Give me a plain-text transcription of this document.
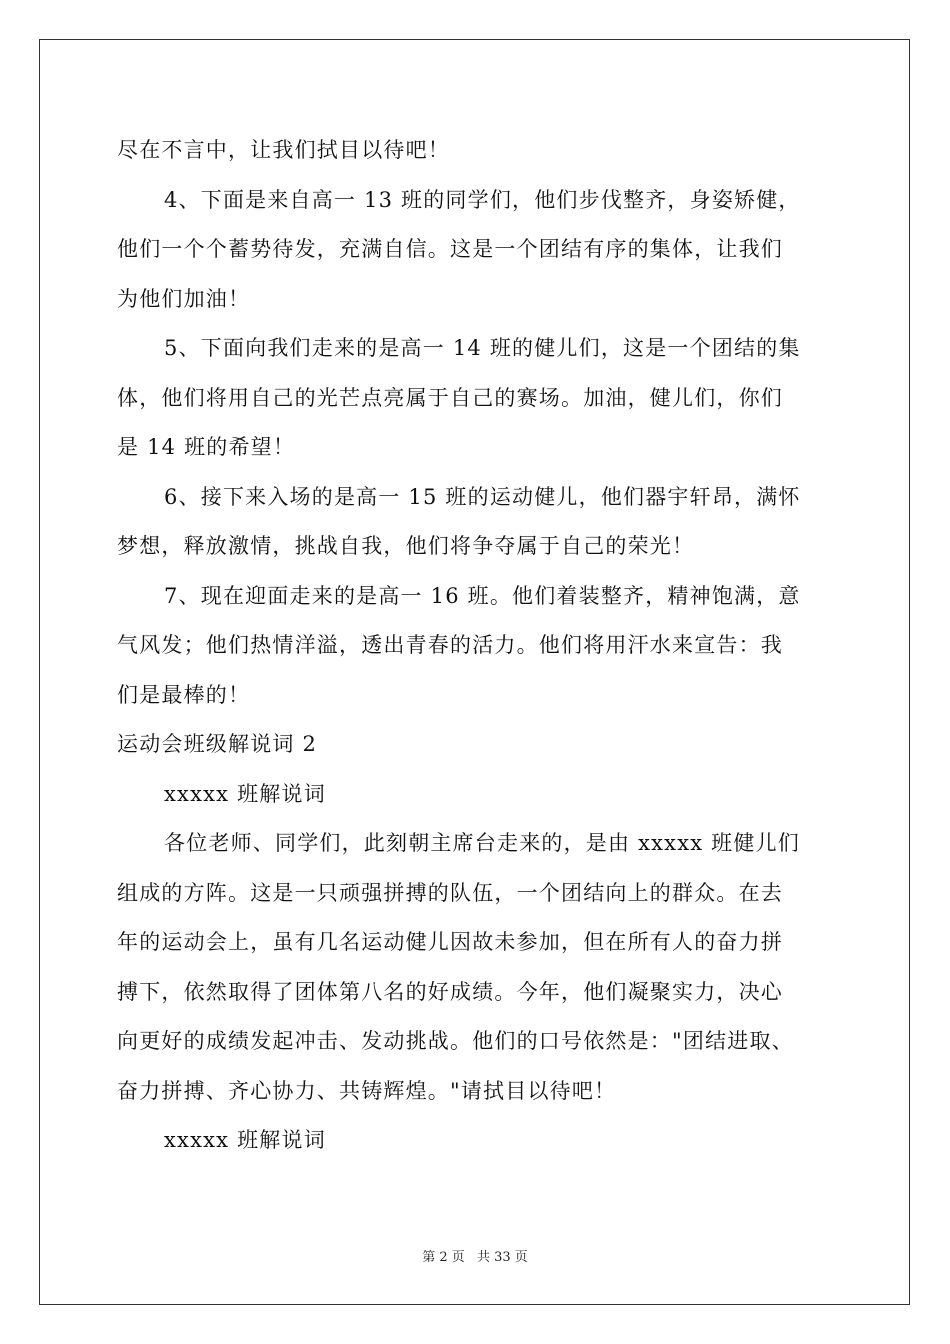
尽在不言中，让我们拭目以待吧！
4、下面是来自高一 13 班的同学们，他们步伐整齐，身姿矫健，
他们一个个蓄势待发，充满自信。这是一个团结有序的集体，让我们
为他们加油！
5、下面向我们走来的是高一 14 班的健儿们，这是一个团结的集
体，他们将用自己的光芒点亮属于自己的赛场。加油，健儿们，你们
是 14 班的希望！
6、接下来入场的是高一 15 班的运动健儿，他们器宇轩昂，满怀
梦想，释放激情，挑战自我，他们将争夺属于自己的荣光！
7、现在迎面走来的是高一 16 班。他们着装整齐，精神饱满，意
气风发；他们热情洋溢，透出青春的活力。他们将用汗水来宣告：我
们是最棒的！
运动会班级解说词 2
xxxxx 班解说词
各位老师、同学们，此刻朝主席台走来的，是由 xxxxx 班健儿们
组成的方阵。这是一只顽强拼搏的队伍，一个团结向上的群众。在去
年的运动会上，虽有几名运动健儿因故未参加，但在所有人的奋力拼
搏下，依然取得了团体第八名的好成绩。今年，他们凝聚实力，决心
向更好的成绩发起冲击、发动挑战。他们的口号依然是："团结进取、
奋力拼搏、齐心协力、共铸辉煌。"请拭目以待吧！
xxxxx 班解说词
第 2 页 共 33 页
